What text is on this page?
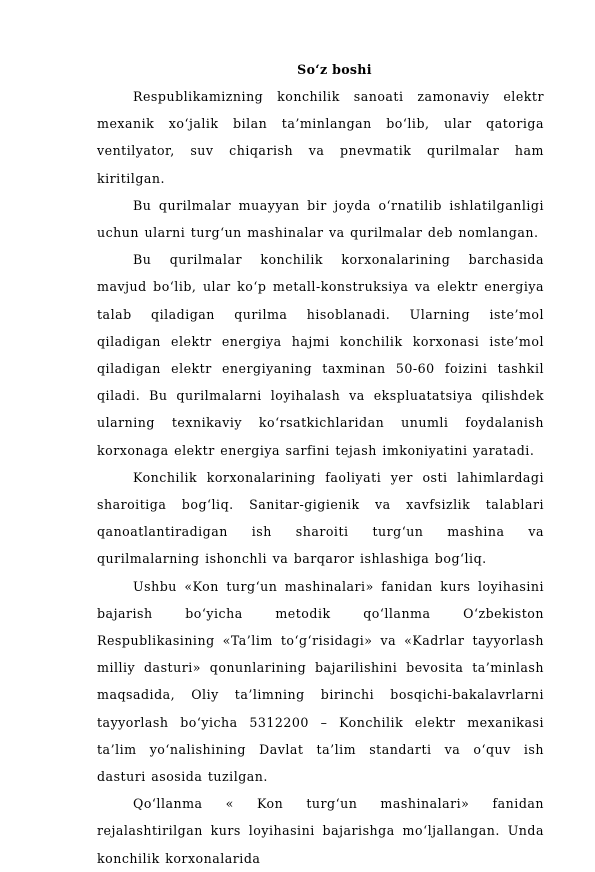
So‘z boshi

Respublikamizning konchilik sanoati zamonaviy elektr mexanik xo‘jalik bilan ta’minlangan bo‘lib, ular qatoriga ventilyator, suv chiqarish va pnevmatik qurilmalar ham kiritilgan.

Bu qurilmalar muayyan bir joyda o‘rnatilib ishlatilganligi uchun ularni turg‘un mashinalar va qurilmalar deb nomlangan.

Bu qurilmalar konchilik korxonalarining barchasida mavjud bo‘lib, ular ko‘p metall-konstruksiya va elektr energiya talab qiladigan qurilma hisoblanadi. Ularning iste’mol qiladigan elektr energiya hajmi konchilik korxonasi iste’mol qiladigan elektr energiyaning taxminan 50-60 foizini tashkil qiladi. Bu qurilmalarni loyihalash va ekspluatatsiya qilishdek ularning texnikaviy ko‘rsatkichlaridan unumli foydalanish korxonaga elektr energiya sarfini tejash imkoniyatini yaratadi.

Konchilik korxonalarining faoliyati yer osti lahimlardagi sharoitiga bog‘liq. Sanitar-gigienik va xavfsizlik talablari qanoatlantiradigan ish sharoiti turg‘un mashina va qurilmalarning ishonchli va barqaror ishlashiga bog‘liq.

Ushbu «Kon turg‘un mashinalari» fanidan kurs loyihasini bajarish bo‘yicha metodik qo‘llanma O‘zbekiston Respublikasining «Ta’lim to‘g‘risidagi» va «Kadrlar tayyorlash milliy dasturi» qonunlarining bajarilishini bevosita ta’minlash maqsadida, Oliy ta’limning birinchi bosqichi-bakalavrlarni tayyorlash bo‘yicha 5312200 – Konchilik elektr mexanikasi ta’lim yo‘nalishining Davlat ta’lim standarti va o‘quv ish dasturi asosida tuzilgan.

Qo‘llanma « Kon turg‘un mashinalari» fanidan rejalashtirilgan kurs loyihasini bajarishga mo‘ljallangan. Unda konchilik korxonalarida
